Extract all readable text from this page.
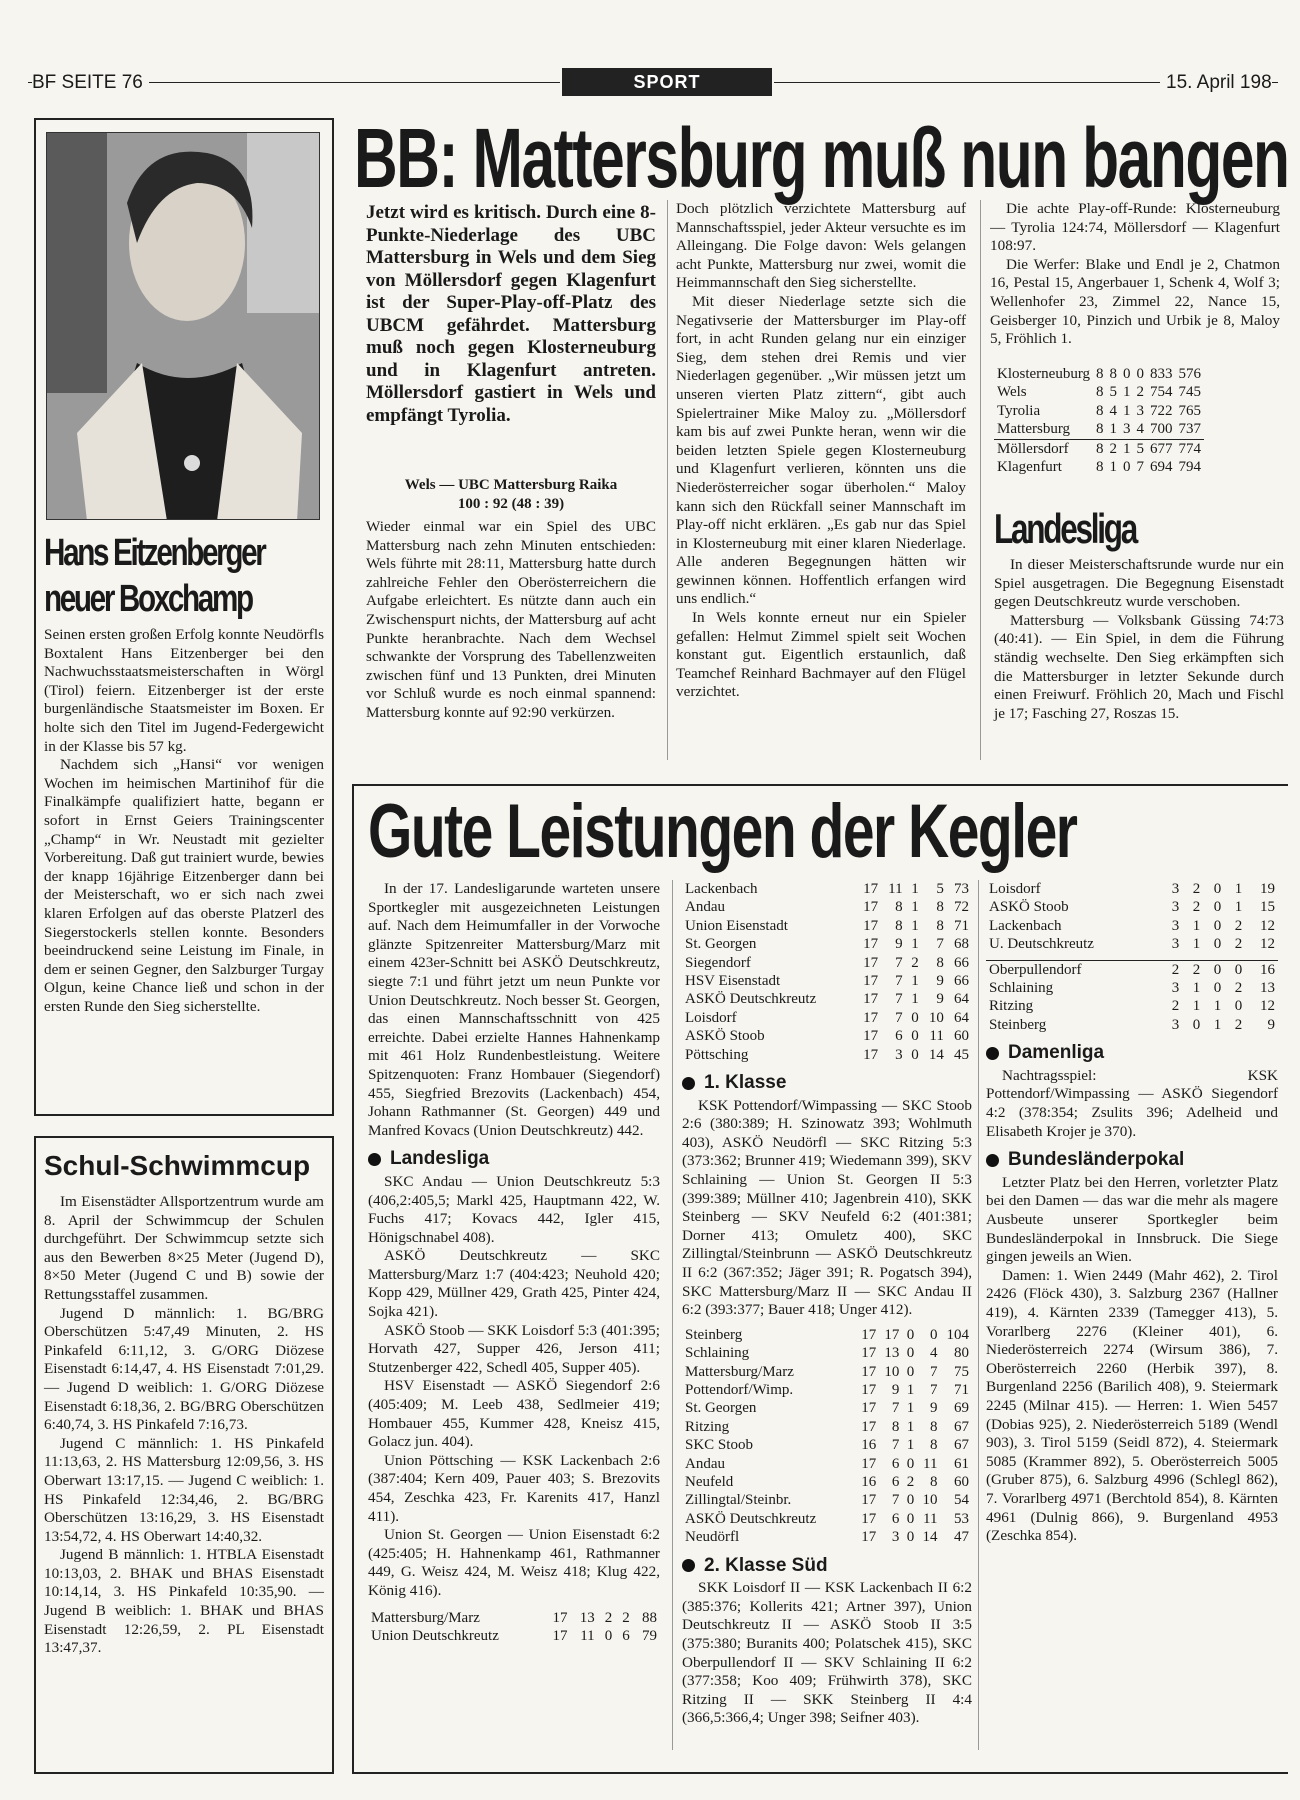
BF SEITE 76	SPORT	15. April 198
Hans Eitzenberger
neuer Boxchamp

Seinen ersten großen Erfolg konnte Neudörfls Boxtalent Hans Eitzenberger bei den Nachwuchsstaatsmeisterschaften in Wörgl (Tirol) feiern. Eitzenberger ist der erste burgenländische Staatsmeister im Boxen. Er holte sich den Titel im Jugend-Federgewicht in der Klasse bis 57 kg.

Nachdem sich „Hansi“ vor wenigen Wochen im heimischen Martinihof für die Finalkämpfe qualifiziert hatte, begann er sofort in Ernst Geiers Trainingscenter „Champ“ in Wr. Neustadt mit gezielter Vorbereitung. Daß gut trainiert wurde, bewies der knapp 16jährige Eitzenberger dann bei der Meisterschaft, wo er sich nach zwei klaren Erfolgen auf das oberste Platzerl des Siegerstockerls stellen konnte. Besonders beeindruckend seine Leistung im Finale, in dem er seinen Gegner, den Salzburger Turgay Olgun, keine Chance ließ und schon in der ersten Runde den Sieg sicherstellte.

Schul-Schwimmcup

Im Eisenstädter Allsportzentrum wurde am 8. April der Schwimmcup der Schulen durchgeführt. Der Schwimmcup setzte sich aus den Bewerben 8×25 Meter (Jugend D), 8×50 Meter (Jugend C und B) sowie der Rettungsstaffel zusammen.

Jugend D männlich: 1. BG/BRG Oberschützen 5:47,49 Minuten, 2. HS Pinkafeld 6:11,12, 3. G/ORG Diözese Eisenstadt 6:14,47, 4. HS Eisenstadt 7:01,29. — Jugend D weiblich: 1. G/ORG Diözese Eisenstadt 6:18,36, 2. BG/BRG Oberschützen 6:40,74, 3. HS Pinkafeld 7:16,73.

Jugend C männlich: 1. HS Pinkafeld 11:13,63, 2. HS Mattersburg 12:09,56, 3. HS Oberwart 13:17,15. — Jugend C weiblich: 1. HS Pinkafeld 12:34,46, 2. BG/BRG Oberschützen 13:16,29, 3. HS Eisenstadt 13:54,72, 4. HS Oberwart 14:40,32.

Jugend B männlich: 1. HTBLA Eisenstadt 10:13,03, 2. BHAK und BHAS Eisenstadt 10:14,14, 3. HS Pinkafeld 10:35,90. — Jugend B weiblich: 1. BHAK und BHAS Eisenstadt 12:26,59, 2. PL Eisenstadt 13:47,37.

BB: Mattersburg muß nun bangen
Jetzt wird es kritisch. Durch eine 8-Punkte-Niederlage des UBC Mattersburg in Wels und dem Sieg von Möllersdorf gegen Klagenfurt ist der Super-Play-off-Platz des UBCM gefährdet. Mattersburg muß noch gegen Klosterneuburg und in Klagenfurt antreten. Möllersdorf gastiert in Wels und empfängt Tyrolia.
Wels — UBC Mattersburg Raika
100 : 92 (48 : 39)

Wieder einmal war ein Spiel des UBC Mattersburg nach zehn Minuten entschieden: Wels führte mit 28:11, Mattersburg hatte durch zahlreiche Fehler den Oberösterreichern die Aufgabe erleichtert. Es nützte dann auch ein Zwischenspurt nichts, der Mattersburg auf acht Punkte heranbrachte. Nach dem Wechsel schwankte der Vorsprung des Tabellenzweiten zwischen fünf und 13 Punkten, drei Minuten vor Schluß wurde es noch einmal spannend: Mattersburg konnte auf 92:90 verkürzen.

Doch plötzlich verzichtete Mattersburg auf Mannschaftsspiel, jeder Akteur versuchte es im Alleingang. Die Folge davon: Wels gelangen acht Punkte, Mattersburg nur zwei, womit die Heimmannschaft den Sieg sicherstellte.

Mit dieser Niederlage setzte sich die Negativserie der Mattersburger im Play-off fort, in acht Runden gelang nur ein einziger Sieg, dem stehen drei Remis und vier Niederlagen gegenüber. „Wir müssen jetzt um unseren vierten Platz zittern“, gibt auch Spielertrainer Mike Maloy zu. „Möllersdorf kam bis auf zwei Punkte heran, wenn wir die beiden letzten Spiele gegen Klosterneuburg und Klagenfurt verlieren, könnten uns die Niederösterreicher sogar überholen.“ Maloy kann sich den Rückfall seiner Mannschaft im Play-off nicht erklären. „Es gab nur das Spiel in Klosterneuburg mit einer klaren Niederlage. Alle anderen Begegnungen hätten wir gewinnen können. Hoffentlich erfangen wird uns endlich.“

In Wels konnte erneut nur ein Spieler gefallen: Helmut Zimmel spielt seit Wochen konstant gut. Eigentlich erstaunlich, daß Teamchef Reinhard Bachmayer auf den Flügel verzichtet.

Die achte Play-off-Runde: Klosterneuburg — Tyrolia 124:74, Möllersdorf — Klagenfurt 108:97.

Die Werfer: Blake und Endl je 2, Chatmon 16, Pestal 15, Angerbauer 1, Schenk 4, Wolf 3; Wellenhofer 23, Zimmel 22, Nance 15, Geisberger 10, Pinzich und Urbik je 8, Maloy 5, Fröhlich 1.

Klosterneuburg	8	8	0	0	833	576
Wels	8	5	1	2	754	745
Tyrolia	8	4	1	3	722	765
Mattersburg	8	1	3	4	700	737
Möllersdorf	8	2	1	5	677	774
Klagenfurt	8	1	0	7	694	794
Landesliga

In dieser Meisterschaftsrunde wurde nur ein Spiel ausgetragen. Die Begegnung Eisenstadt gegen Deutschkreutz wurde verschoben.

Mattersburg — Volksbank Güssing 74:73 (40:41). — Ein Spiel, in dem die Führung ständig wechselte. Den Sieg erkämpften sich die Mattersburger in letzter Sekunde durch einen Freiwurf. Fröhlich 20, Mach und Fischl je 17; Fasching 27, Roszas 15.

Gute Leistungen der Kegler

In der 17. Landesligarunde warteten unsere Sportkegler mit ausgezeichneten Leistungen auf. Nach dem Heimumfaller in der Vorwoche glänzte Spitzenreiter Mattersburg/Marz mit einem 423er-Schnitt bei ASKÖ Deutschkreutz, siegte 7:1 und führt jetzt um neun Punkte vor Union Deutschkreutz. Noch besser St. Georgen, das einen Mannschaftsschnitt von 425 erreichte. Dabei erzielte Hannes Hahnenkamp mit 461 Holz Rundenbestleistung. Weitere Spitzenquoten: Franz Hombauer (Siegendorf) 455, Siegfried Brezovits (Lackenbach) 454, Johann Rathmanner (St. Georgen) 449 und Manfred Kovacs (Union Deutschkreutz) 442.

Landesliga

SKC Andau — Union Deutschkreutz 5:3 (406,2:405,5; Markl 425, Hauptmann 422, W. Fuchs 417; Kovacs 442, Igler 415, Hönigschnabel 408).

ASKÖ Deutschkreutz — SKC Mattersburg/Marz 1:7 (404:423; Neuhold 420; Kopp 429, Müllner 429, Grath 425, Pinter 424, Sojka 421).

ASKÖ Stoob — SKK Loisdorf 5:3 (401:395; Horvath 427, Supper 426, Jerson 411; Stutzenberger 422, Schedl 405, Supper 405).

HSV Eisenstadt — ASKÖ Siegendorf 2:6 (405:409; M. Leeb 438, Sedlmeier 419; Hombauer 455, Kummer 428, Kneisz 415, Golacz jun. 404).

Union Pöttsching — KSK Lackenbach 2:6 (387:404; Kern 409, Pauer 403; S. Brezovits 454, Zeschka 423, Fr. Karenits 417, Hanzl 411).

Union St. Georgen — Union Eisenstadt 6:2 (425:405; H. Hahnenkamp 461, Rathmanner 449, G. Weisz 424, M. Weisz 418; Klug 422, König 416).

Mattersburg/Marz	17	13	2	2	88
Union Deutschkreutz	17	11	0	6	79
Lackenbach	17	11	1	5	73
Andau	17	8	1	8	72
Union Eisenstadt	17	8	1	8	71
St. Georgen	17	9	1	7	68
Siegendorf	17	7	2	8	66
HSV Eisenstadt	17	7	1	9	66
ASKÖ Deutschkreutz	17	7	1	9	64
Loisdorf	17	7	0	10	64
ASKÖ Stoob	17	6	0	11	60
Pöttsching	17	3	0	14	45
1. Klasse

KSK Pottendorf/Wimpassing — SKC Stoob 2:6 (380:389; H. Szinowatz 393; Wohlmuth 403), ASKÖ Neudörfl — SKC Ritzing 5:3 (373:362; Brunner 419; Wiedemann 399), SKV Schlaining — Union St. Georgen II 5:3 (399:389; Müllner 410; Jagenbrein 410), SKK Steinberg — SKV Neufeld 6:2 (401:381; Dorner 413; Omuletz 400), SKC Zillingtal/Steinbrunn — ASKÖ Deutschkreutz II 6:2 (367:352; Jäger 391; R. Pogatsch 394), SKC Mattersburg/Marz II — SKC Andau II 6:2 (393:377; Bauer 418; Unger 412).

Steinberg	17	17	0	0	104
Schlaining	17	13	0	4	80
Mattersburg/Marz	17	10	0	7	75
Pottendorf/Wimp.	17	9	1	7	71
St. Georgen	17	7	1	9	69
Ritzing	17	8	1	8	67
SKC Stoob	16	7	1	8	67
Andau	17	6	0	11	61
Neufeld	16	6	2	8	60
Zillingtal/Steinbr.	17	7	0	10	54
ASKÖ Deutschkreutz	17	6	0	11	53
Neudörfl	17	3	0	14	47
2. Klasse Süd

SKK Loisdorf II — KSK Lackenbach II 6:2 (385:376; Kollerits 421; Artner 397), Union Deutschkreutz II — ASKÖ Stoob II 3:5 (375:380; Buranits 400; Polatschek 415), SKC Oberpullendorf II — SKV Schlaining II 6:2 (377:358; Koo 409; Frühwirth 378), SKC Ritzing II — SKK Steinberg II 4:4 (366,5:366,4; Unger 398; Seifner 403).

Loisdorf	3	2	0	1	19
ASKÖ Stoob	3	2	0	1	15
Lackenbach	3	1	0	2	12
U. Deutschkreutz	3	1	0	2	12
Oberpullendorf	2	2	0	0	16
Schlaining	3	1	0	2	13
Ritzing	2	1	1	0	12
Steinberg	3	0	1	2	9
Damenliga

Nachtragsspiel: KSK Pottendorf/Wimpassing — ASKÖ Siegendorf 4:2 (378:354; Zsulits 396; Adelheid und Elisabeth Krojer je 370).

Bundesländerpokal

Letzter Platz bei den Herren, vorletzter Platz bei den Damen — das war die mehr als magere Ausbeute unserer Sportkegler beim Bundesländerpokal in Innsbruck. Die Siege gingen jeweils an Wien.

Damen: 1. Wien 2449 (Mahr 462), 2. Tirol 2426 (Flöck 430), 3. Salzburg 2367 (Hallner 419), 4. Kärnten 2339 (Tamegger 413), 5. Vorarlberg 2276 (Kleiner 401), 6. Niederösterreich 2274 (Wirsum 386), 7. Oberösterreich 2260 (Herbik 397), 8. Burgenland 2256 (Barilich 408), 9. Steiermark 2245 (Milnar 415). — Herren: 1. Wien 5457 (Dobias 925), 2. Niederösterreich 5189 (Wendl 903), 3. Tirol 5159 (Seidl 872), 4. Steiermark 5085 (Krammer 892), 5. Oberösterreich 5005 (Gruber 875), 6. Salzburg 4996 (Schlegl 862), 7. Vorarlberg 4971 (Berchtold 854), 8. Kärnten 4961 (Dulnig 866), 9. Burgenland 4953 (Zeschka 854).
